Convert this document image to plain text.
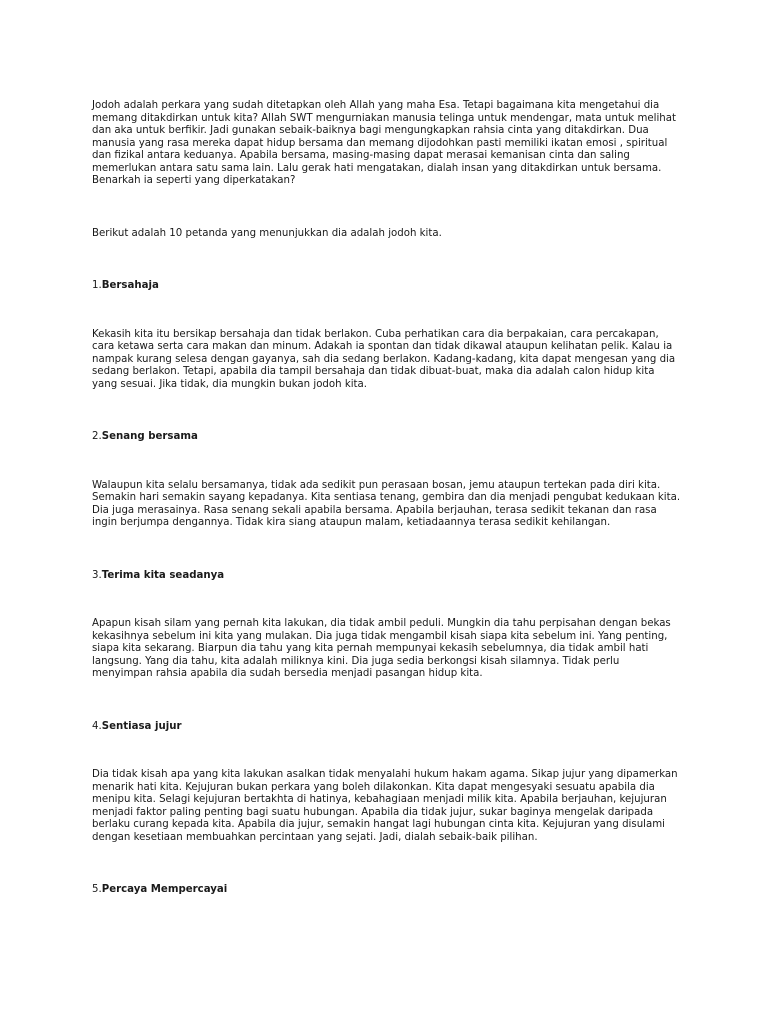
Jodoh adalah perkara yang sudah ditetapkan oleh Allah yang maha Esa. Tetapi bagaimana kita mengetahui dia memang ditakdirkan untuk kita? Allah SWT mengurniakan manusia telinga untuk mendengar, mata untuk melihat dan aka untuk berfikir. Jadi gunakan sebaik-baiknya bagi mengungkapkan rahsia cinta yang ditakdirkan. Dua manusia yang rasa mereka dapat hidup bersama dan memang dijodohkan pasti memiliki ikatan emosi , spiritual dan fizikal antara keduanya. Apabila bersama, masing-masing dapat merasai kemanisan cinta dan saling memerlukan antara satu sama lain. Lalu gerak hati mengatakan, dialah insan yang ditakdirkan untuk bersama. Benarkah ia seperti yang diperkatakan?

Berikut adalah 10 petanda yang menunjukkan dia adalah jodoh kita.

1.Bersahaja

Kekasih kita itu bersikap bersahaja dan tidak berlakon. Cuba perhatikan cara dia berpakaian, cara percakapan, cara ketawa serta cara makan dan minum. Adakah ia spontan dan tidak dikawal ataupun kelihatan pelik. Kalau ia nampak kurang selesa dengan gayanya, sah dia sedang berlakon. Kadang-kadang, kita dapat mengesan yang dia sedang berlakon. Tetapi, apabila dia tampil bersahaja dan tidak dibuat-buat, maka dia adalah calon hidup kita yang sesuai. Jika tidak, dia mungkin bukan jodoh kita.

2.Senang bersama

Walaupun kita selalu bersamanya, tidak ada sedikit pun perasaan bosan, jemu ataupun tertekan pada diri kita. Semakin hari semakin sayang kepadanya. Kita sentiasa tenang, gembira dan dia menjadi pengubat kedukaan kita. Dia juga merasainya. Rasa senang sekali apabila bersama. Apabila berjauhan, terasa sedikit tekanan dan rasa ingin berjumpa dengannya. Tidak kira siang ataupun malam, ketiadaannya terasa sedikit kehilangan.

3.Terima kita seadanya

Apapun kisah silam yang pernah kita lakukan, dia tidak ambil peduli. Mungkin dia tahu perpisahan dengan bekas kekasihnya sebelum ini kita yang mulakan. Dia juga tidak mengambil kisah siapa kita sebelum ini. Yang penting, siapa kita sekarang. Biarpun dia tahu yang kita pernah mempunyai kekasih sebelumnya, dia tidak ambil hati langsung. Yang dia tahu, kita adalah miliknya kini. Dia juga sedia berkongsi kisah silamnya. Tidak perlu menyimpan rahsia apabila dia sudah bersedia menjadi pasangan hidup kita.

4.Sentiasa jujur

Dia tidak kisah apa yang kita lakukan asalkan tidak menyalahi hukum hakam agama. Sikap jujur yang dipamerkan menarik hati kita. Kejujuran bukan perkara yang boleh dilakonkan. Kita dapat mengesyaki sesuatu apabila dia menipu kita. Selagi kejujuran bertakhta di hatinya, kebahagiaan menjadi milik kita. Apabila berjauhan, kejujuran menjadi faktor paling penting bagi suatu hubungan. Apabila dia tidak jujur, sukar baginya mengelak daripada berlaku curang kepada kita. Apabila dia jujur, semakin hangat lagi hubungan cinta kita. Kejujuran yang disulami dengan kesetiaan membuahkan percintaan yang sejati. Jadi, dialah sebaik-baik pilihan.

5.Percaya Mempercayai
